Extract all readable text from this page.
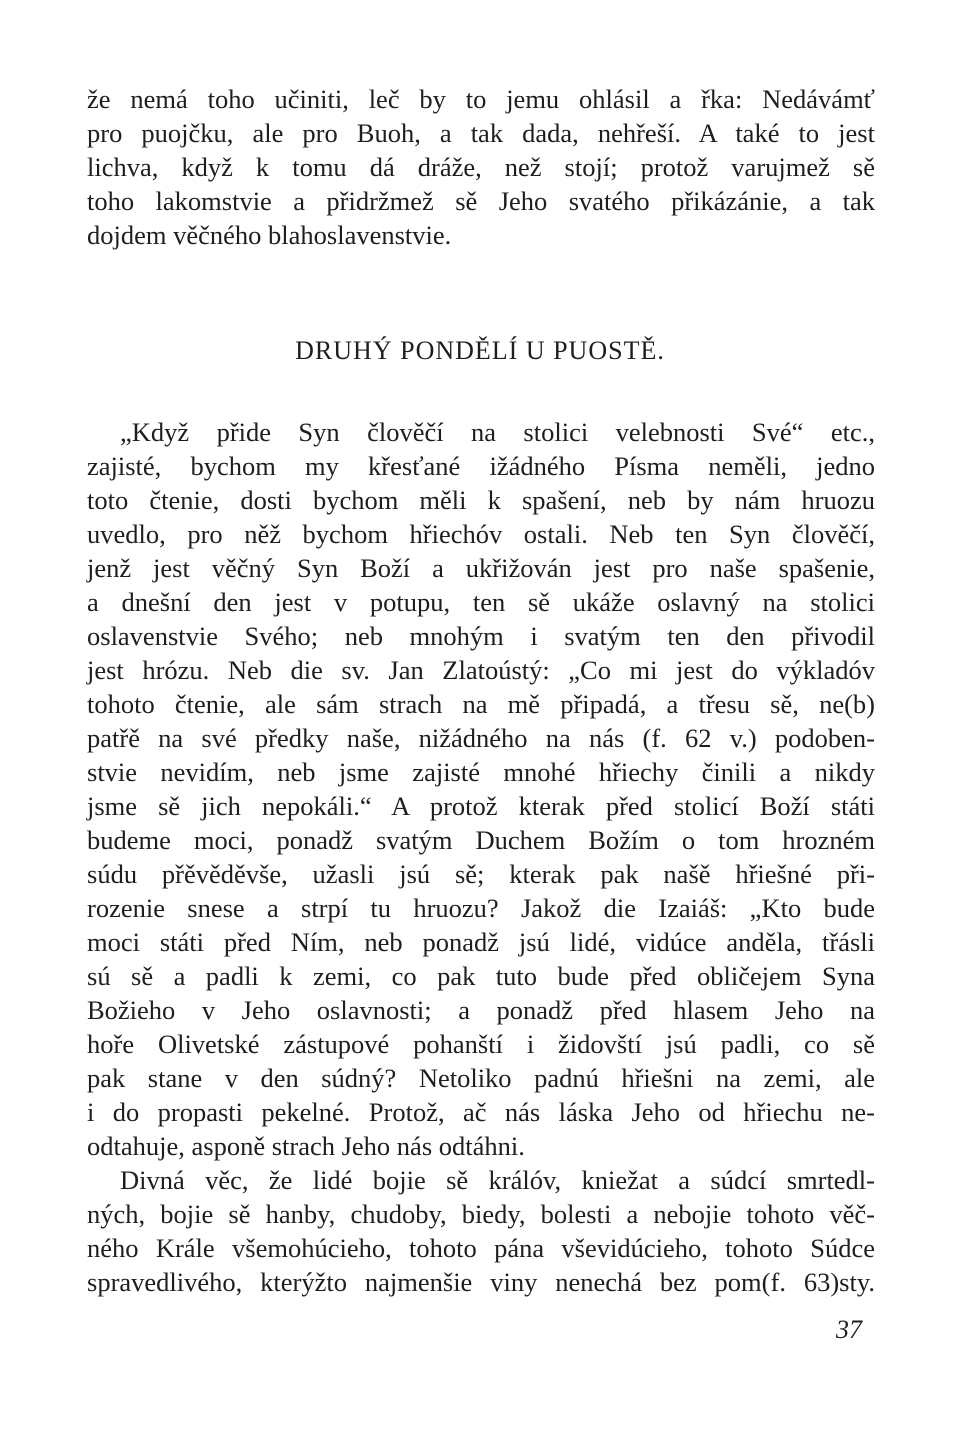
že nemá toho učiniti, leč by to jemu ohlásil a řka: Nedávámť
pro puojčku, ale pro Buoh, a tak dada, nehřeší. A také to jest
lichva, když k tomu dá dráže, než stojí; protož varujmež sě
toho lakomstvie a přidržmež sě Jeho svatého přikázánie, a tak
dojdem věčného blahoslavenstvie.
DRUHÝ PONDĚLÍ U PUOSTĚ.
„Když přide Syn člověčí na stolici velebnosti Své“ etc.,
zajisté, bychom my křesťané ižádného Písma neměli, jedno
toto čtenie, dosti bychom měli k spašení, neb by nám hruozu
uvedlo, pro něž bychom hřiechóv ostali. Neb ten Syn člověčí,
jenž jest věčný Syn Boží a ukřižován jest pro naše spašenie,
a dnešní den jest v potupu, ten sě ukáže oslavný na stolici
oslavenstvie Svého; neb mnohým i svatým ten den přivodil
jest hrózu. Neb die sv. Jan Zlatoústý: „Co mi jest do výkladóv
tohoto čtenie, ale sám strach na mě připadá, a třesu sě, ne(b)
patřě na své předky naše, nižádného na nás (f. 62 v.) podoben-
stvie nevidím, neb jsme zajisté mnohé hřiechy činili a nikdy
jsme sě jich nepokáli.“ A protož kterak před stolicí Boží státi
budeme moci, ponadž svatým Duchem Božím o tom hrozném
súdu přěvěděvše, užasli jsú sě; kterak pak našě hřiešné při-
rozenie snese a strpí tu hruozu? Jakož die Izaiáš: „Kto bude
moci státi před Ním, neb ponadž jsú lidé, vidúce anděla, třásli
sú sě a padli k zemi, co pak tuto bude před obličejem Syna
Božieho v Jeho oslavnosti; a ponadž před hlasem Jeho na
hoře Olivetské zástupové pohanští i židovští jsú padli, co sě
pak stane v den súdný? Netoliko padnú hřiešni na zemi, ale
i do propasti pekelné. Protož, ač nás láska Jeho od hřiechu ne-
odtahuje, asponě strach Jeho nás odtáhni.
Divná věc, že lidé bojie sě králóv, kniežat a súdcí smrtedl-
ných, bojie sě hanby, chudoby, biedy, bolesti a nebojie tohoto věč-
ného Krále všemohúcieho, tohoto pána vševidúcieho, tohoto Súdce
spravedlivého, kterýžto najmenšie viny nenechá bez pom(f. 63)sty.
37
